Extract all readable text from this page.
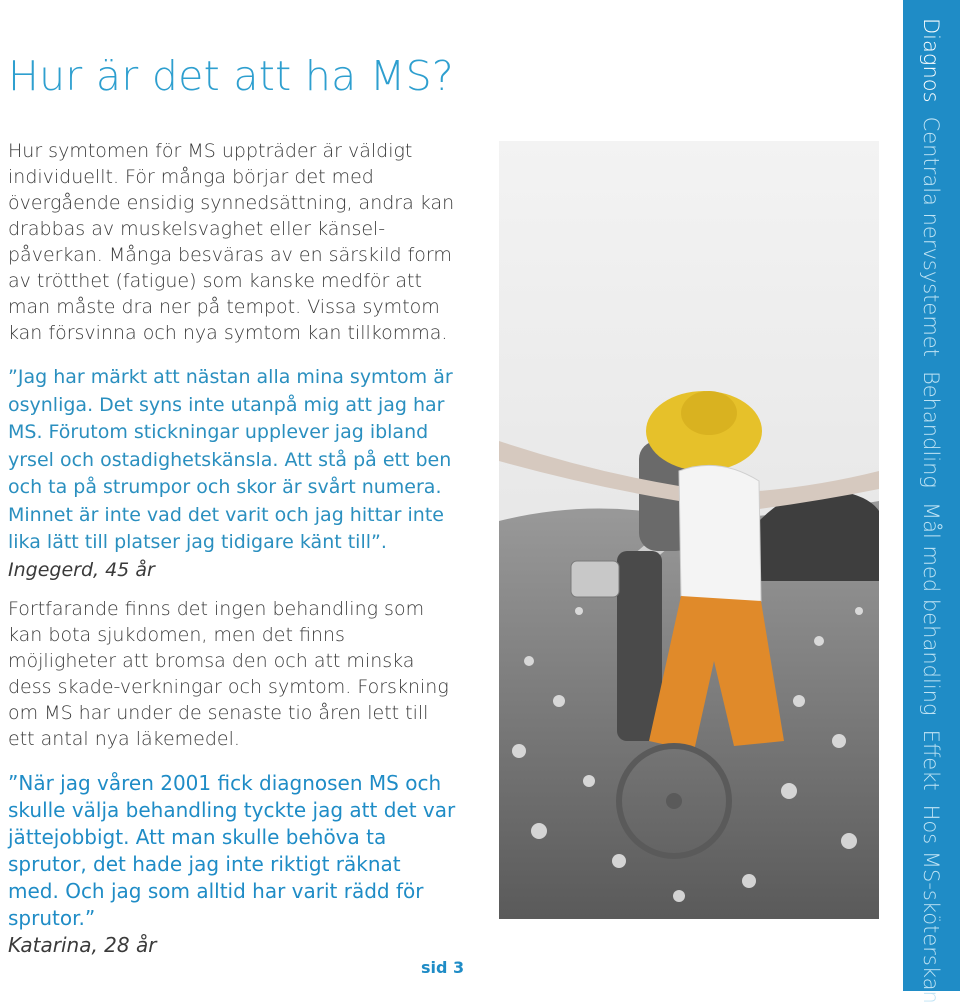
Hur är det att ha MS?

Hur symtomen för MS uppträder är väldigt individuellt. För många börjar det med övergående ensidig synnedsättning, andra kan drabbas av muskelsvaghet eller känsel-påverkan. Många besväras av en särskild form av trötthet (fatigue) som kanske medför att man måste dra ner på tempot. Vissa symtom kan försvinna och nya symtom kan tillkomma.

”Jag har märkt att nästan alla mina symtom är osynliga. Det syns inte utanpå mig att jag har MS. Förutom stickningar upplever jag ibland yrsel och ostadighetskänsla. Att stå på ett ben och ta på strumpor och skor är svårt numera. Minnet är inte vad det varit och jag hittar inte lika lätt till platser jag tidigare känt till”. Ingegerd, 45 år

Fortfarande finns det ingen behandling som kan bota sjukdomen, men det finns möjligheter att bromsa den och att minska dess skade-verkningar och symtom. Forskning om MS har under de senaste tio åren lett till ett antal nya läkemedel.

”När jag våren 2001 fick diagnosen MS och skulle välja behandling tyckte jag att det var jättejobbigt. Att man skulle behöva ta sprutor, det hade jag inte riktigt räknat med. Och jag som alltid har varit rädd för sprutor.”
Katarina, 28 år

sid 3
Diagnos
Centrala nervsystemet
Behandling
Mål med behandling
Effekt
Hos MS-sköterskan
